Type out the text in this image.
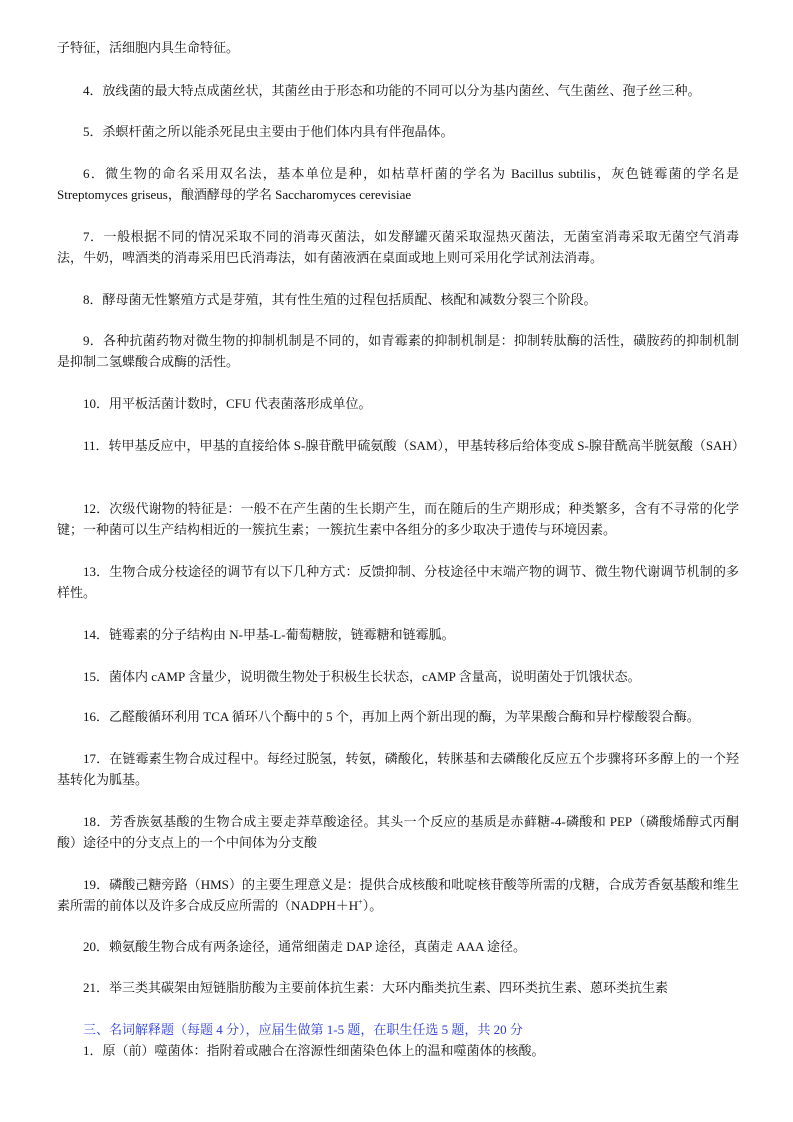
子特征，活细胞内具生命特征。

4．放线菌的最大特点成菌丝状，其菌丝由于形态和功能的不同可以分为基内菌丝、气生菌丝、孢子丝三种。

5．杀螟杆菌之所以能杀死昆虫主要由于他们体内具有伴孢晶体。

6．微生物的命名采用双名法，基本单位是种，如枯草杆菌的学名为 Bacillus subtilis，灰色链霉菌的学名是 Streptomyces griseus，酿酒酵母的学名 Saccharomyces cerevisiae

7．一般根据不同的情况采取不同的消毒灭菌法，如发酵罐灭菌采取湿热灭菌法，无菌室消毒采取无菌空气消毒法，牛奶，啤酒类的消毒采用巴氏消毒法，如有菌液洒在桌面或地上则可采用化学试剂法消毒。

8．酵母菌无性繁殖方式是芽殖，其有性生殖的过程包括质配、核配和减数分裂三个阶段。

9．各种抗菌药物对微生物的抑制机制是不同的，如青霉素的抑制机制是：抑制转肽酶的活性，磺胺药的抑制机制是抑制二氢蝶酸合成酶的活性。

10．用平板活菌计数时，CFU 代表菌落形成单位。

11．转甲基反应中，甲基的直接给体 S-腺苷酰甲硫氨酸（SAM），甲基转移后给体变成 S-腺苷酰高半胱氨酸（SAH）

12．次级代谢物的特征是：一般不在产生菌的生长期产生，而在随后的生产期形成；种类繁多，含有不寻常的化学键；一种菌可以生产结构相近的一簇抗生素；一簇抗生素中各组分的多少取决于遗传与环境因素。

13．生物合成分枝途径的调节有以下几种方式：反馈抑制、分枝途径中末端产物的调节、微生物代谢调节机制的多样性。

14．链霉素的分子结构由 N-甲基-L-葡萄糖胺，链霉糖和链霉胍。

15．菌体内 cAMP 含量少，说明微生物处于积极生长状态，cAMP 含量高，说明菌处于饥饿状态。

16．乙醛酸循环利用 TCA 循环八个酶中的 5 个，再加上两个新出现的酶，为苹果酸合酶和异柠檬酸裂合酶。

17．在链霉素生物合成过程中。每经过脱氢，转氨，磷酸化，转脒基和去磷酸化反应五个步骤将环多醇上的一个羟基转化为胍基。

18．芳香族氨基酸的生物合成主要走莽草酸途径。其头一个反应的基质是赤藓糖-4-磷酸和 PEP（磷酸烯醇式丙酮酸）途径中的分支点上的一个中间体为分支酸

19．磷酸己糖旁路（HMS）的主要生理意义是：提供合成核酸和吡啶核苷酸等所需的戊糖，合成芳香氨基酸和维生素所需的前体以及许多合成反应所需的（NADPH＋H+）。

20．赖氨酸生物合成有两条途径，通常细菌走 DAP 途径，真菌走 AAA 途径。

21．举三类其碳架由短链脂肪酸为主要前体抗生素：大环内酯类抗生素、四环类抗生素、蒽环类抗生素

三、名词解释题（每题 4 分），应届生做第 1-5 题，在职生任选 5 题，共 20 分

1．原（前）噬菌体：指附着或融合在溶源性细菌染色体上的温和噬菌体的核酸。
